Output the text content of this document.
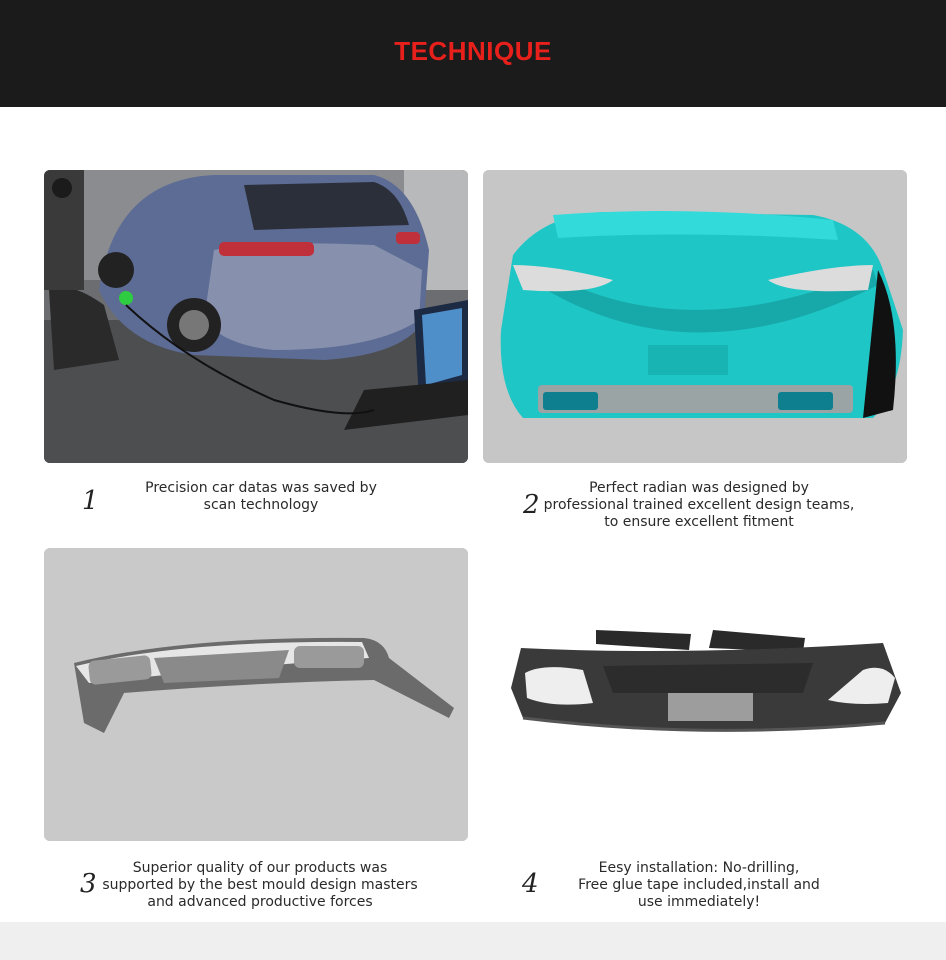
TECHNIQUE
1	2
3	4
Precision car datas was saved by
scan technology
Perfect radian was designed by
professional trained excellent design teams,
to ensure excellent fitment
Superior quality of our products was
supported by the best mould design masters
and advanced productive forces
Eesy installation: No-drilling,
Free glue tape included,install and
use immediately!
